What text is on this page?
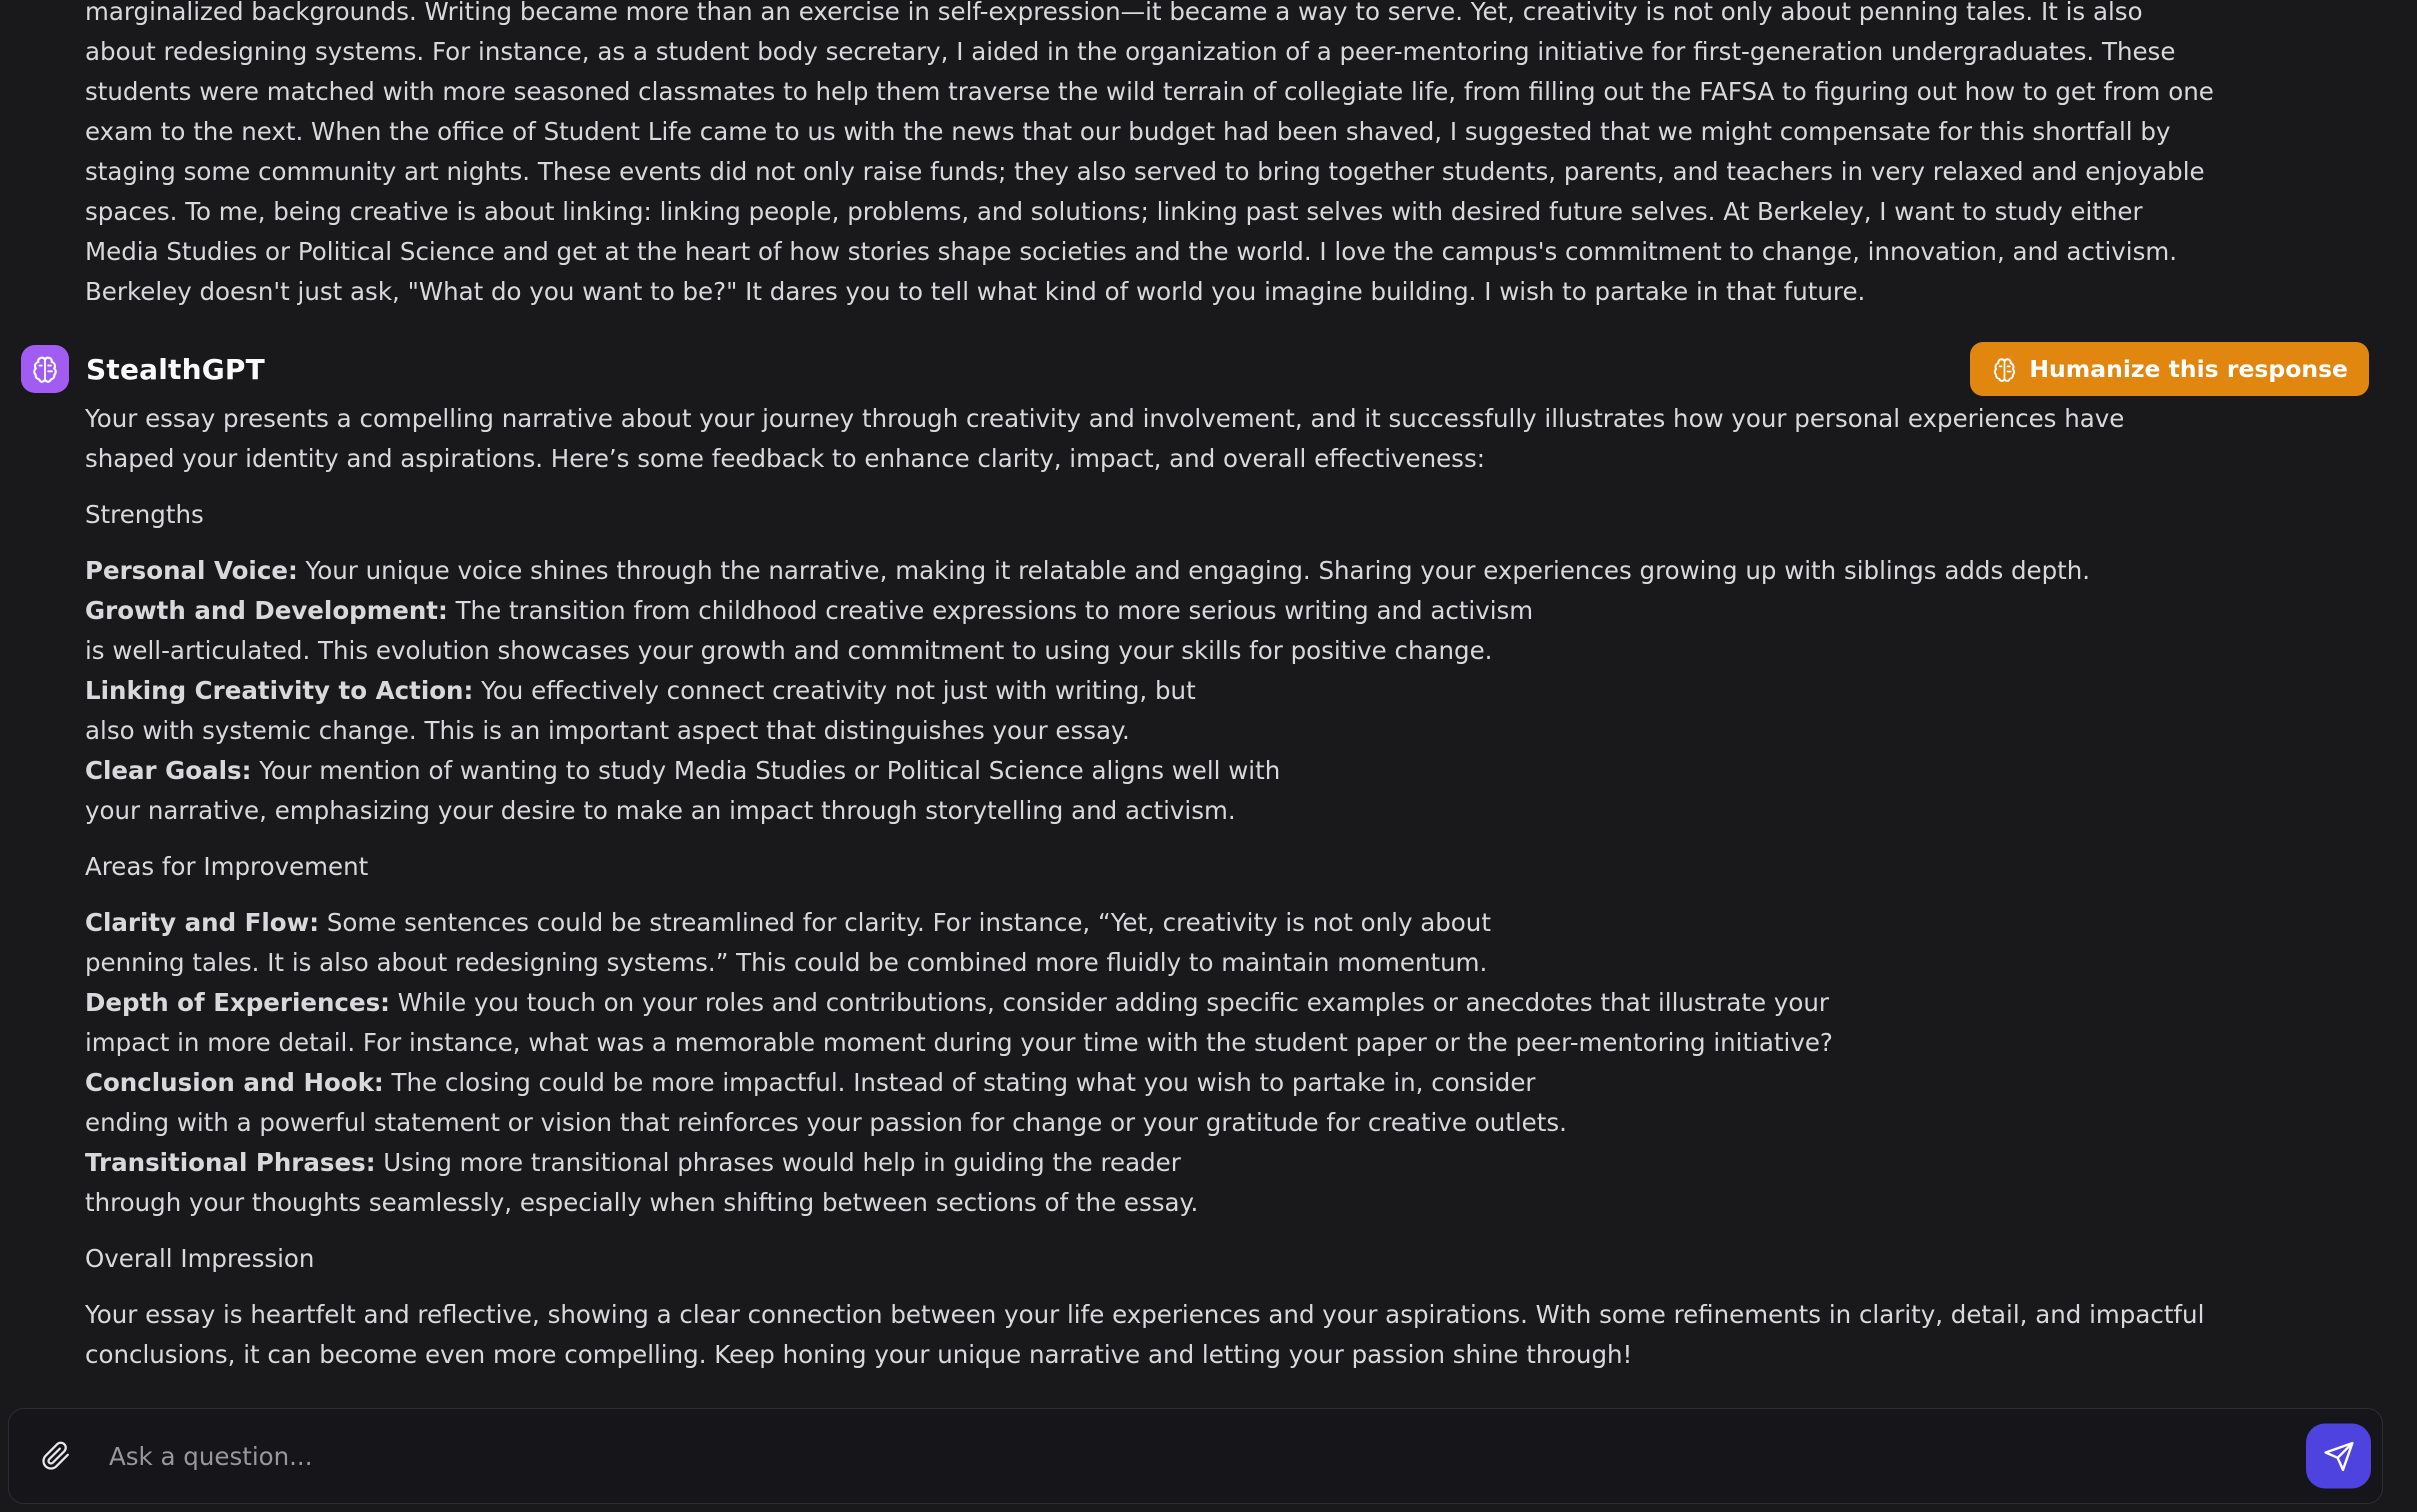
marginalized backgrounds. Writing became more than an exercise in self-expression—it became a way to serve. Yet, creativity is not only about penning tales. It is also
about redesigning systems. For instance, as a student body secretary, I aided in the organization of a peer-mentoring initiative for first-generation undergraduates. These
students were matched with more seasoned classmates to help them traverse the wild terrain of collegiate life, from filling out the FAFSA to figuring out how to get from one
exam to the next. When the office of Student Life came to us with the news that our budget had been shaved, I suggested that we might compensate for this shortfall by
staging some community art nights. These events did not only raise funds; they also served to bring together students, parents, and teachers in very relaxed and enjoyable
spaces. To me, being creative is about linking: linking people, problems, and solutions; linking past selves with desired future selves. At Berkeley, I want to study either
Media Studies or Political Science and get at the heart of how stories shape societies and the world. I love the campus's commitment to change, innovation, and activism.
Berkeley doesn't just ask, "What do you want to be?" It dares you to tell what kind of world you imagine building. I wish to partake in that future.
StealthGPT	Humanize this response
Your essay presents a compelling narrative about your journey through creativity and involvement, and it successfully illustrates how your personal experiences have
shaped your identity and aspirations. Here’s some feedback to enhance clarity, impact, and overall effectiveness:
Strengths
Personal Voice: Your unique voice shines through the narrative, making it relatable and engaging. Sharing your experiences growing up with siblings adds depth.
Growth and Development: The transition from childhood creative expressions to more serious writing and activism
is well-articulated. This evolution showcases your growth and commitment to using your skills for positive change.
Linking Creativity to Action: You effectively connect creativity not just with writing, but
also with systemic change. This is an important aspect that distinguishes your essay.
Clear Goals: Your mention of wanting to study Media Studies or Political Science aligns well with
your narrative, emphasizing your desire to make an impact through storytelling and activism.
Areas for Improvement
Clarity and Flow: Some sentences could be streamlined for clarity. For instance, “Yet, creativity is not only about
penning tales. It is also about redesigning systems.” This could be combined more fluidly to maintain momentum.
Depth of Experiences: While you touch on your roles and contributions, consider adding specific examples or anecdotes that illustrate your
impact in more detail. For instance, what was a memorable moment during your time with the student paper or the peer-mentoring initiative?
Conclusion and Hook: The closing could be more impactful. Instead of stating what you wish to partake in, consider
ending with a powerful statement or vision that reinforces your passion for change or your gratitude for creative outlets.
Transitional Phrases: Using more transitional phrases would help in guiding the reader
through your thoughts seamlessly, especially when shifting between sections of the essay.
Overall Impression
Your essay is heartfelt and reflective, showing a clear connection between your life experiences and your aspirations. With some refinements in clarity, detail, and impactful
conclusions, it can become even more compelling. Keep honing your unique narrative and letting your passion shine through!
Ask a question...
